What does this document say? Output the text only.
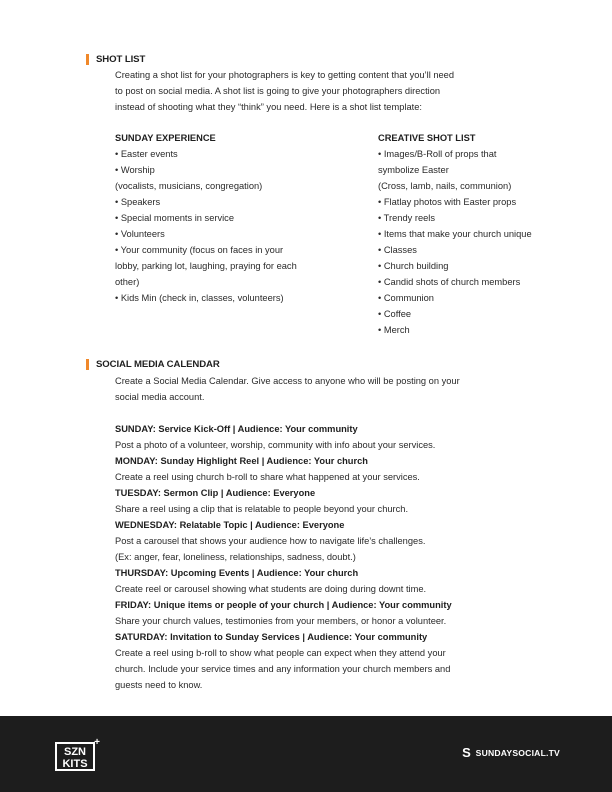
SHOT LIST

Creating a shot list for your photographers is key to getting content that you’ll need

to post on social media. A shot list is going to give your photographers direction

instead of shooting what they “think” you need. Here is a shot list template:

SUNDAY EXPERIENCE

• Easter events

• Worship

(vocalists, musicians, congregation)

• Speakers

• Special moments in service

• Volunteers

• Your community (focus on faces in your

lobby, parking lot, laughing, praying for each

other)

• Kids Min (check in, classes, volunteers)

CREATIVE SHOT LIST

• Images/B-Roll of props that

symbolize Easter

(Cross, lamb, nails, communion)

• Flatlay photos with Easter props

• Trendy reels

• Items that make your church unique

• Classes

• Church building

• Candid shots of church members

• Communion

• Coffee

• Merch

SOCIAL MEDIA CALENDAR

Create a Social Media Calendar. Give access to anyone who will be posting on your

social media account.

SUNDAY: Service Kick-Off | Audience: Your community

Post a photo of a volunteer, worship, community with info about your services.

MONDAY: Sunday Highlight Reel | Audience: Your church

Create a reel using church b-roll to share what happened at your services.

TUESDAY: Sermon Clip | Audience: Everyone

Share a reel using a clip that is relatable to people beyond your church.

WEDNESDAY: Relatable Topic | Audience: Everyone

Post a carousel that shows your audience how to navigate life’s challenges.

(Ex: anger, fear, loneliness, relationships, sadness, doubt.)

THURSDAY: Upcoming Events | Audience: Your church

Create reel or carousel showing what students are doing during downt time.

FRIDAY: Unique items or people of your church | Audience: Your community

Share your church values, testimonies from your members, or honor a volunteer.

SATURDAY: Invitation to Sunday Services | Audience: Your community

Create a reel using b-roll to show what people can expect when they attend your

church. Include your service times and any information your church members and

guests need to know.

SZN
KITS
+
S SUNDAYSOCIAL.TV
